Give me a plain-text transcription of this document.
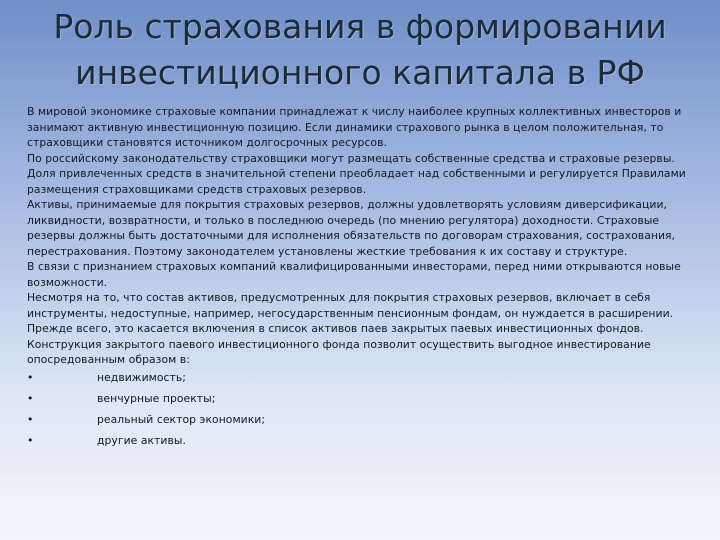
Роль страхования в формировании
инвестиционного капитала в РФ

В мировой экономике страховые компании принадлежат к числу наиболее крупных коллективных инвесторов и занимают активную инвестиционную позицию. Если динамики страхового рынка в целом положительная, то страховщики становятся источником долгосрочных ресурсов.

По российскому законодательству страховщики могут размещать собственные средства и страховые резервы. Доля привлеченных средств в значительной степени преобладает над собственными и регулируется Правилами размещения страховщиками средств страховых резервов.

Активы, принимаемые для покрытия страховых резервов, должны удовлетворять условиям диверсификации, ликвидности, возвратности, и только в последнюю очередь (по мнению регулятора) доходности. Страховые резервы должны быть достаточными для исполнения обязательств по договорам страхования, сострахования, перестрахования. Поэтому законодателем установлены жесткие требования к их составу и структуре.

В связи с признанием страховых компаний квалифицированными инвесторами, перед ними открываются новые возможности.

Несмотря на то, что состав активов, предусмотренных для покрытия страховых резервов, включает в себя инструменты, недоступные, например, негосударственным пенсионным фондам, он нуждается в расширении.

Прежде всего, это касается включения в список активов паев закрытых паевых инвестиционных фондов. Конструкция закрытого паевого инвестиционного фонда позволит осуществить выгодное инвестирование опосредованным образом в:

•	недвижимость;
•	венчурные проекты;
•	реальный сектор экономики;
•	другие активы.
